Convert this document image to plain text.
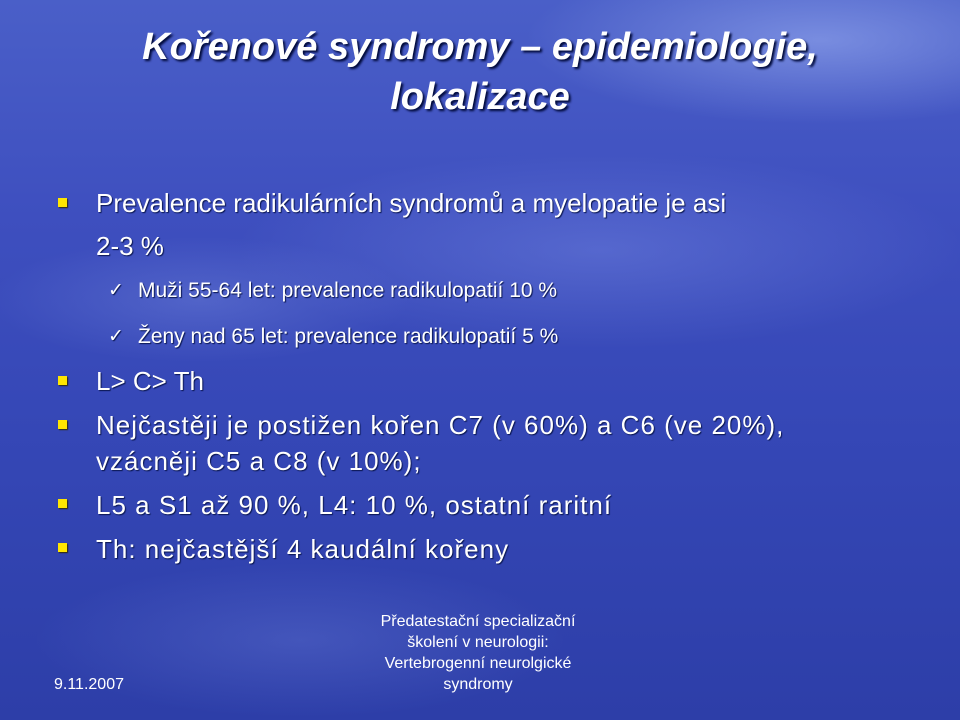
Kořenové syndromy – epidemiologie,
lokalizace
Prevalence radikulárních syndromů a myelopatie je asi
2-3 %
✓ Muži 55-64 let: prevalence radikulopatií 10 %
✓ Ženy nad 65 let: prevalence radikulopatií 5 %
L> C> Th
Nejčastěji je postižen kořen C7 (v 60%) a C6 (ve 20%),
vzácněji C5 a C8 (v 10%);
L5 a S1 až 90 %, L4: 10 %, ostatní raritní
Th: nejčastější 4 kaudální kořeny
Předatestační specializační
školení v neurologii:
Vertebrogenní neurolgické
syndromy
9.11.2007
